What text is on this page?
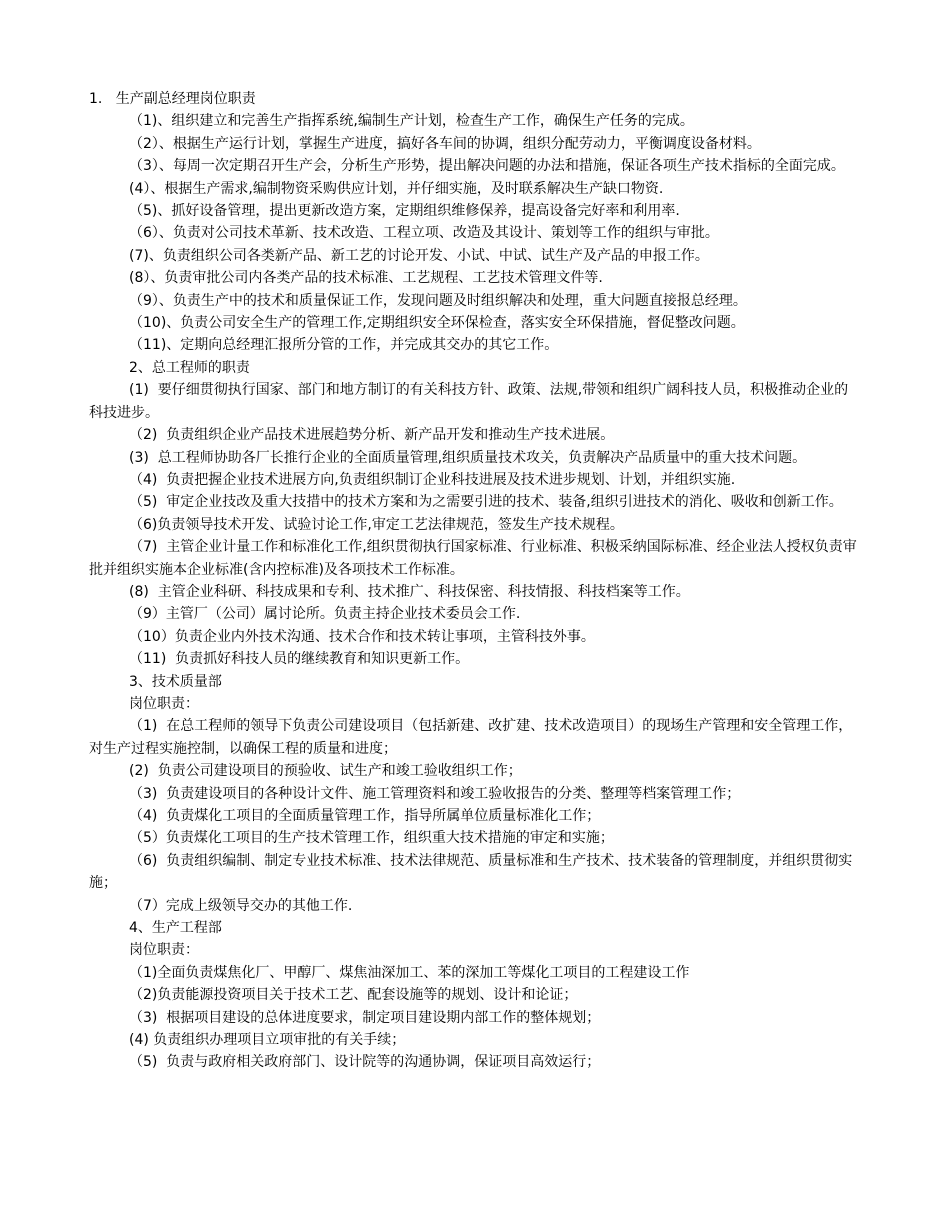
1.   生产副总经理岗位职责

（1)、组织建立和完善生产指挥系统,编制生产计划，检查生产工作，确保生产任务的完成。

（2）、根据生产运行计划，掌握生产进度，搞好各车间的协调，组织分配劳动力，平衡调度设备材料。

（3）、每周一次定期召开生产会，分析生产形势，提出解决问题的办法和措施，保证各项生产技术指标的全面完成。

(4）、根据生产需求,编制物资采购供应计划，并仔细实施，及时联系解决生产缺口物资.

（5)、抓好设备管理，提出更新改造方案，定期组织维修保养，提高设备完好率和利用率.

（6）、负责对公司技术革新、技术改造、工程立项、改造及其设计、策划等工作的组织与审批。

(7)、负责组织公司各类新产品、新工艺的讨论开发、小试、中试、试生产及产品的申报工作。

(8）、负责审批公司内各类产品的技术标准、工艺规程、工艺技术管理文件等.

（9）、负责生产中的技术和质量保证工作，发现问题及时组织解决和处理，重大问题直接报总经理。

（10)、负责公司安全生产的管理工作,定期组织安全环保检查，落实安全环保措施，督促整改问题。

（11)、定期向总经理汇报所分管的工作，并完成其交办的其它工作。

2、总工程师的职责

(1)  要仔细贯彻执行国家、部门和地方制订的有关科技方针、政策、法规,带领和组织广阔科技人员，积极推动企业的科技进步。

（2)  负责组织企业产品技术进展趋势分析、新产品开发和推动生产技术进展。

(3)  总工程师协助各厂长推行企业的全面质量管理,组织质量技术攻关，负责解决产品质量中的重大技术问题。

（4)  负责把握企业技术进展方向,负责组织制订企业科技进展及技术进步规划、计划，并组织实施.

（5)  审定企业技改及重大技措中的技术方案和为之需要引进的技术、装备,组织引进技术的消化、吸收和创新工作。

（6)负责领导技术开发、试验讨论工作,审定工艺法律规范，签发生产技术规程。

（7)  主管企业计量工作和标准化工作,组织贯彻执行国家标准、行业标准、积极采纳国际标准、经企业法人授权负责审批并组织实施本企业标准(含内控标准)及各项技术工作标准。

(8)  主管企业科研、科技成果和专利、技术推广、科技保密、科技情报、科技档案等工作。

（9）主管厂（公司）属讨论所。负责主持企业技术委员会工作.

（10）负责企业内外技术沟通、技术合作和技术转让事项，主管科技外事。

（11)  负责抓好科技人员的继续教育和知识更新工作。

3、技术质量部

岗位职责：

（1)  在总工程师的领导下负责公司建设项目（包括新建、改扩建、技术改造项目）的现场生产管理和安全管理工作，对生产过程实施控制，以确保工程的质量和进度；

(2)  负责公司建设项目的预验收、试生产和竣工验收组织工作；

（3)  负责建设项目的各种设计文件、施工管理资料和竣工验收报告的分类、整理等档案管理工作；

（4)  负责煤化工项目的全面质量管理工作，指导所属单位质量标准化工作；

（5）负责煤化工项目的生产技术管理工作，组织重大技术措施的审定和实施；

（6)  负责组织编制、制定专业技术标准、技术法律规范、质量标准和生产技术、技术装备的管理制度，并组织贯彻实施；

（7）完成上级领导交办的其他工作.

4、生产工程部

岗位职责：

（1)全面负责煤焦化厂、甲醇厂、煤焦油深加工、苯的深加工等煤化工项目的工程建设工作

（2)负责能源投资项目关于技术工艺、配套设施等的规划、设计和论证；

（3)  根据项目建设的总体进度要求，制定项目建设期内部工作的整体规划；

(4) 负责组织办理项目立项审批的有关手续；

（5)  负责与政府相关政府部门、设计院等的沟通协调，保证项目高效运行；
